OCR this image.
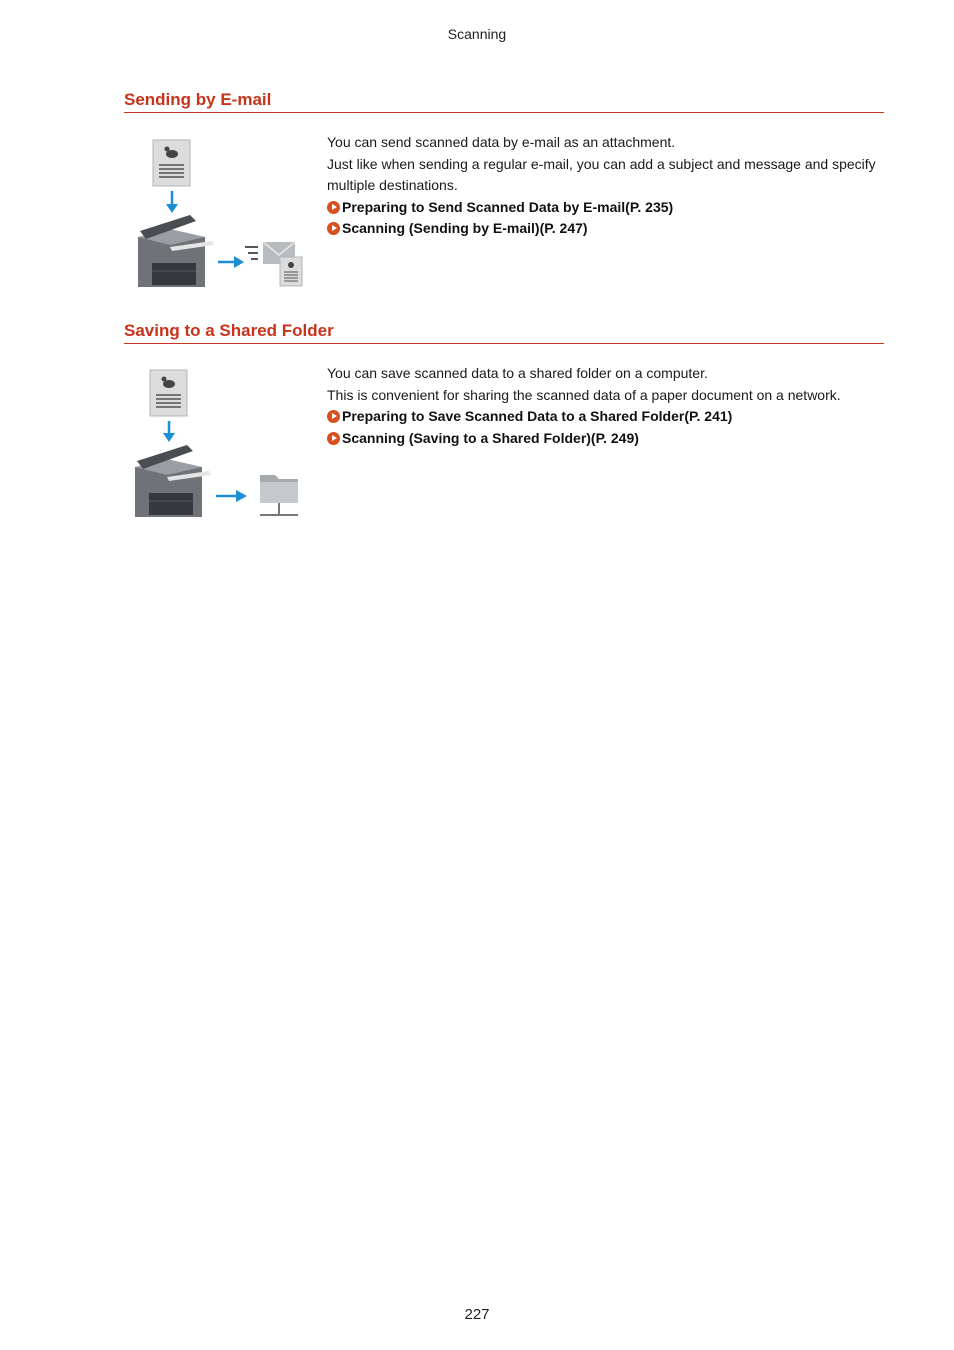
Scanning
Sending by E-mail

You can send scanned data by e-mail as an attachment.

Just like when sending a regular e-mail, you can add a subject and message and specify multiple destinations.

Preparing to Send Scanned Data by E-mail(P. 235)
Scanning (Sending by E-mail)(P. 247)
Saving to a Shared Folder

You can save scanned data to a shared folder on a computer.

This is convenient for sharing the scanned data of a paper document on a network.

Preparing to Save Scanned Data to a Shared Folder(P. 241)
Scanning (Saving to a Shared Folder)(P. 249)
227
